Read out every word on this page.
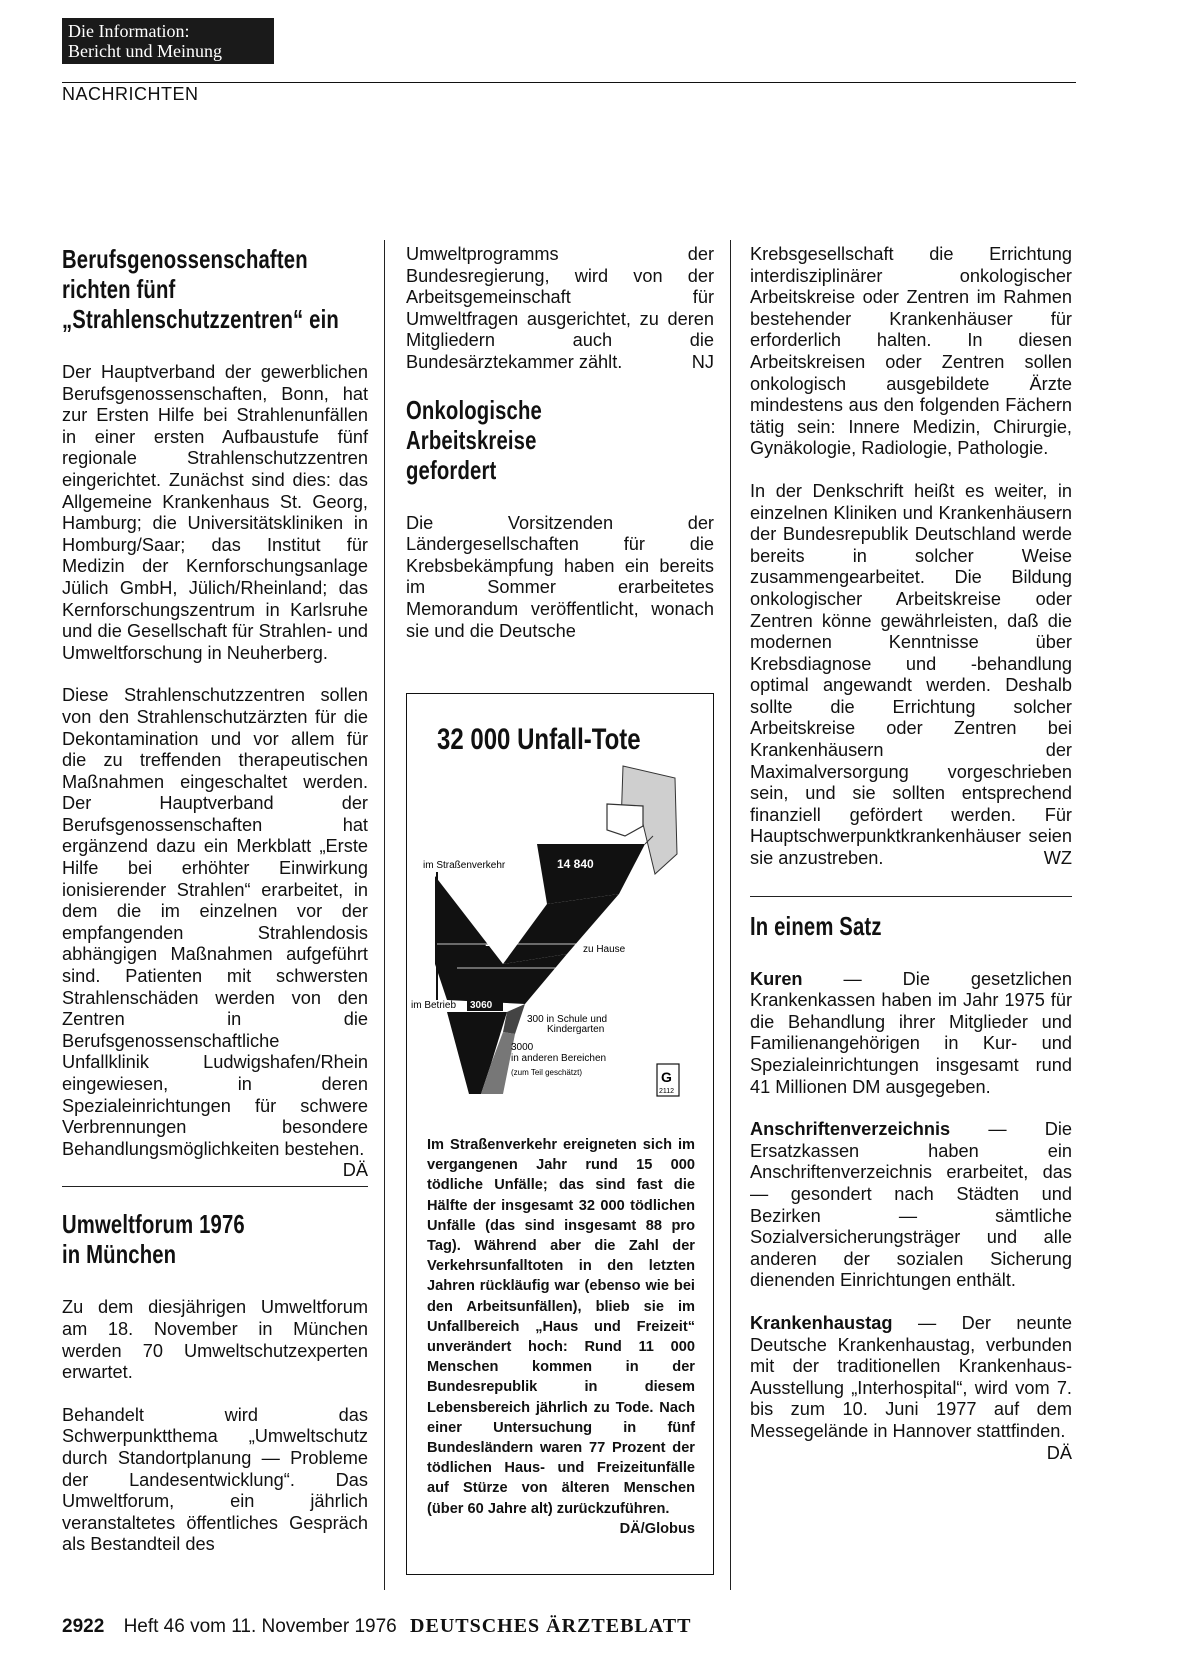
Die Information:
Bericht und Meinung
NACHRICHTEN
Berufsgenossenschaften
richten fünf
„Strahlenschutzzentren“ ein

Der Hauptverband der gewerblichen Berufsgenossenschaften, Bonn, hat zur Ersten Hilfe bei Strahlenunfällen in einer ersten Aufbaustufe fünf regionale Strahlenschutzzentren eingerichtet. Zunächst sind dies: das Allgemeine Krankenhaus St. Georg, Hamburg; die Universitätskliniken in Homburg/Saar; das Institut für Medizin der Kernforschungsanlage Jülich GmbH, Jülich/Rheinland; das Kernforschungszentrum in Karlsruhe und die Gesellschaft für Strahlen- und Umweltforschung in Neuherberg.

Diese Strahlenschutzzentren sollen von den Strahlenschutzärzten für die Dekontamination und vor allem für die zu treffenden therapeutischen Maßnahmen eingeschaltet werden. Der Hauptverband der Berufsgenossenschaften hat ergänzend dazu ein Merkblatt „Erste Hilfe bei erhöhter Einwirkung ionisierender Strahlen“ erarbeitet, in dem die im einzelnen vor der empfangenden Strahlendosis abhängigen Maßnahmen aufgeführt sind. Patienten mit schwersten Strahlenschäden werden von den Zentren in die Berufsgenossenschaftliche Unfallklinik Ludwigshafen/Rhein eingewiesen, in deren Spezialeinrichtungen für schwere Verbrennungen besondere Behandlungsmöglichkeiten bestehen.
DÄ

Umweltforum 1976
in München

Zu dem diesjährigen Umweltforum am 18. November in München werden 70 Umweltschutzexperten erwartet.

Behandelt wird das Schwerpunktthema „Umweltschutz durch Standortplanung — Probleme der Landesentwicklung“. Das Umweltforum, ein jährlich veranstaltetes öffentliches Gespräch als Bestandteil des

Umweltprogramms der Bundesregierung, wird von der Arbeitsgemeinschaft für Umweltfragen ausgerichtet, zu deren Mitgliedern auch die Bundesärztekammer zählt.	NJ

Onkologische
Arbeitskreise
gefordert

Die Vorsitzenden der Ländergesellschaften für die Krebsbekämpfung haben ein bereits im Sommer erarbeitetes Memorandum veröffentlicht, wonach sie und die Deutsche

32 000 Unfall-Tote
im Straßenverkehr	14 840
11000
zu Hause
im Betrieb 3060
300 in Schule und
Kindergarten
3000
in anderen Bereichen
(zum Teil geschätzt)	G
2112
Im Straßenverkehr ereigneten sich im vergangenen Jahr rund 15 000 tödliche Unfälle; das sind fast die Hälfte der insgesamt 32 000 tödlichen Unfälle (das sind insgesamt 88 pro Tag). Während aber die Zahl der Verkehrsunfalltoten in den letzten Jahren rückläufig war (ebenso wie bei den Arbeitsunfällen), blieb sie im Unfallbereich „Haus und Freizeit“ unverändert hoch: Rund 11 000 Menschen kommen in der Bundesrepublik in diesem Lebensbereich jährlich zu Tode. Nach einer Untersuchung in fünf Bundesländern waren 77 Prozent der tödlichen Haus- und Freizeitunfälle auf Stürze von älteren Menschen (über 60 Jahre alt) zurückzuführen.
DÄ/Globus

Krebsgesellschaft die Errichtung interdisziplinärer onkologischer Arbeitskreise oder Zentren im Rahmen bestehender Krankenhäuser für erforderlich halten. In diesen Arbeitskreisen oder Zentren sollen onkologisch ausgebildete Ärzte mindestens aus den folgenden Fächern tätig sein: Innere Medizin, Chirurgie, Gynäkologie, Radiologie, Pathologie.

In der Denkschrift heißt es weiter, in einzelnen Kliniken und Krankenhäusern der Bundesrepublik Deutschland werde bereits in solcher Weise zusammengearbeitet. Die Bildung onkologischer Arbeitskreise oder Zentren könne gewährleisten, daß die modernen Kenntnisse über Krebsdiagnose und -behandlung optimal angewandt werden. Deshalb sollte die Errichtung solcher Arbeitskreise oder Zentren bei Krankenhäusern der Maximalversorgung vorgeschrieben sein, und sie sollten entsprechend finanziell gefördert werden. Für Hauptschwerpunktkrankenhäuser seien sie anzustreben.	WZ

In einem Satz

Kuren — Die gesetzlichen Krankenkassen haben im Jahr 1975 für die Behandlung ihrer Mitglieder und Familienangehörigen in Kur- und Spezialeinrichtungen insgesamt rund 41 Millionen DM ausgegeben.

Anschriftenverzeichnis — Die Ersatzkassen haben ein Anschriftenverzeichnis erarbeitet, das — gesondert nach Städten und Bezirken — sämtliche Sozialversicherungsträger und alle anderen der sozialen Sicherung dienenden Einrichtungen enthält.

Krankenhaustag — Der neunte Deutsche Krankenhaustag, verbunden mit der traditionellen Krankenhaus-Ausstellung „Interhospital“, wird vom 7. bis zum 10. Juni 1977 auf dem Messegelände in Hannover stattfinden.
DÄ

2922 Heft 46 vom 11. November 1976 DEUTSCHES ÄRZTEBLATT
